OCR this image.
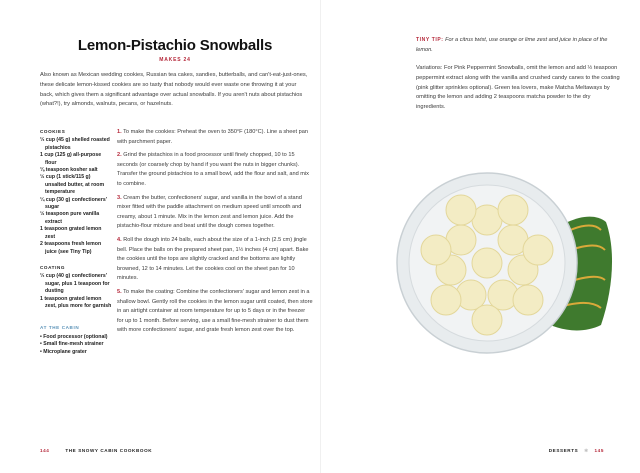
Lemon-Pistachio Snowballs
MAKES 24

Also known as Mexican wedding cookies, Russian tea cakes, sandies, butterballs, and can't-eat-just-ones, these delicate lemon-kissed cookies are so tasty that nobody would ever waste one throwing it at your back, which gives them a significant advantage over actual snowballs. If you aren't nuts about pistachios (what?!), try almonds, walnuts, pecans, or hazelnuts.

COOKIES
⅓ cup (45 g) shelled roasted pistachios
1 cup (125 g) all-purpose flour
⅛ teaspoon kosher salt
½ cup (1 stick/115 g) unsalted butter, at room temperature
¼ cup (30 g) confectioners' sugar
½ teaspoon pure vanilla extract
1 teaspoon grated lemon zest
2 teaspoons fresh lemon juice (see Tiny Tip)
COATING
⅓ cup (40 g) confectioners' sugar, plus 1 teaspoon for dusting
1 teaspoon grated lemon zest, plus more for garnish
AT THE CABIN
• Food processor (optional)
• Small fine-mesh strainer
• Microplane grater

1. To make the cookies: Preheat the oven to 350°F (180°C). Line a sheet pan with parchment paper.

2. Grind the pistachios in a food processor until finely chopped, 10 to 15 seconds (or coarsely chop by hand if you want the nuts in bigger chunks). Transfer the ground pistachios to a small bowl, add the flour and salt, and mix to combine.

3. Cream the butter, confectioners' sugar, and vanilla in the bowl of a stand mixer fitted with the paddle attachment on medium speed until smooth and creamy, about 1 minute. Mix in the lemon zest and lemon juice. Add the pistachio-flour mixture and beat until the dough comes together.

4. Roll the dough into 24 balls, each about the size of a 1-inch (2.5 cm) jingle bell. Place the balls on the prepared sheet pan, 1½ inches (4 cm) apart. Bake the cookies until the tops are slightly cracked and the bottoms are lightly browned, 12 to 14 minutes. Let the cookies cool on the sheet pan for 10 minutes.

5. To make the coating: Combine the confectioners' sugar and lemon zest in a shallow bowl. Gently roll the cookies in the lemon sugar until coated, then store in an airtight container at room temperature for up to 5 days or in the freezer for up to 1 month. Before serving, use a small fine-mesh strainer to dust them with more confectioners' sugar, and grate fresh lemon zest over the top.

144	THE SNOWY CABIN COOKBOOK

TINY TIP: For a citrus twist, use orange or lime zest and juice in place of the lemon.

Variations: For Pink Peppermint Snowballs, omit the lemon and add ½ teaspoon peppermint extract along with the vanilla and crushed candy canes to the coating (pink glitter sprinkles optional). Green tea lovers, make Matcha Meltaways by omitting the lemon and adding 2 teaspoons matcha powder to the dry ingredients.

DESSERTS ✻ 145
